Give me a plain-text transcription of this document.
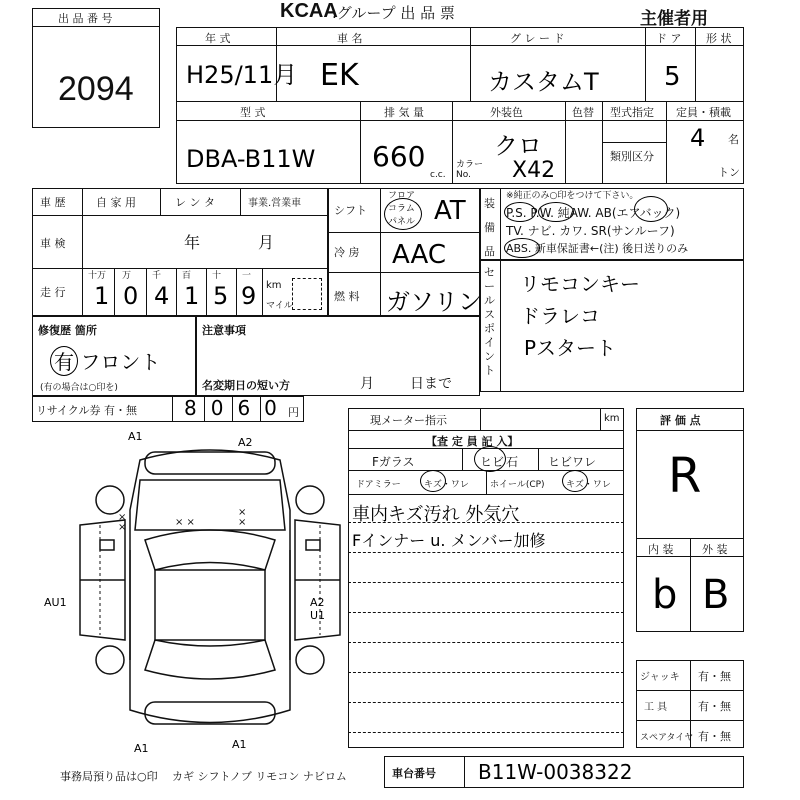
出 品 番 号
2094
KCAA
.グループ 出 品 票	主催者用
年 式
H25/11月
車 名
EK
グ レ ー ド
カスタムT
ド ア
5
形 状
型 式
DBA-B11W
排 気 量
660
c.c.
外装色	色替
クロ
カラー No.	X42
型式指定
類別区分
定員・積載
4 名
トン
車 歴	自 家 用	レ ン タ	事業.営業車
車 検	年	月
走 行
十万 万 千 百 十 一
1 0 4 1 5 9 km
マイル
シフト
フロア
コラム
パネル AT
冷 房 AAC
燃 料 ガソリン
装備品
※純正のみ○印をつけて下さい。
P.S. P.W. 純AW. AB(エアバック)
TV. ナビ. カワ. SR(サンルーフ)
ABS. 新車保証書←(注) 後日送りのみ
セールスポイント
リモコンキー
ドラレコ
Pスタート
修復歴 箇所
有 フロント
(有の場合は○印を)
注意事項
名変期日の短い方	月	日まで
リサイクル券 有・無 8060
円
× ×
×
×
×
×
A1	A2
AU1	A2 U1
A1	A1
現メーター指示	km
【査 定 員 記 入】
Fガラス	ヒビ 石 ヒビワレ
ドアミラー	キズ・ワレ ホイール(CP) キズ・ワレ
車内キズ汚れ 外気穴
Fインナー u. メンバー加修
評 価 点
R
内 装	外 装
b B
ジャッキ 有・無
工 具	有・無
スペアタイヤ 有・無
事務局預り品は○印 カギ シフトノブ リモコン ナビロム	車台番号 B11W-0038322
